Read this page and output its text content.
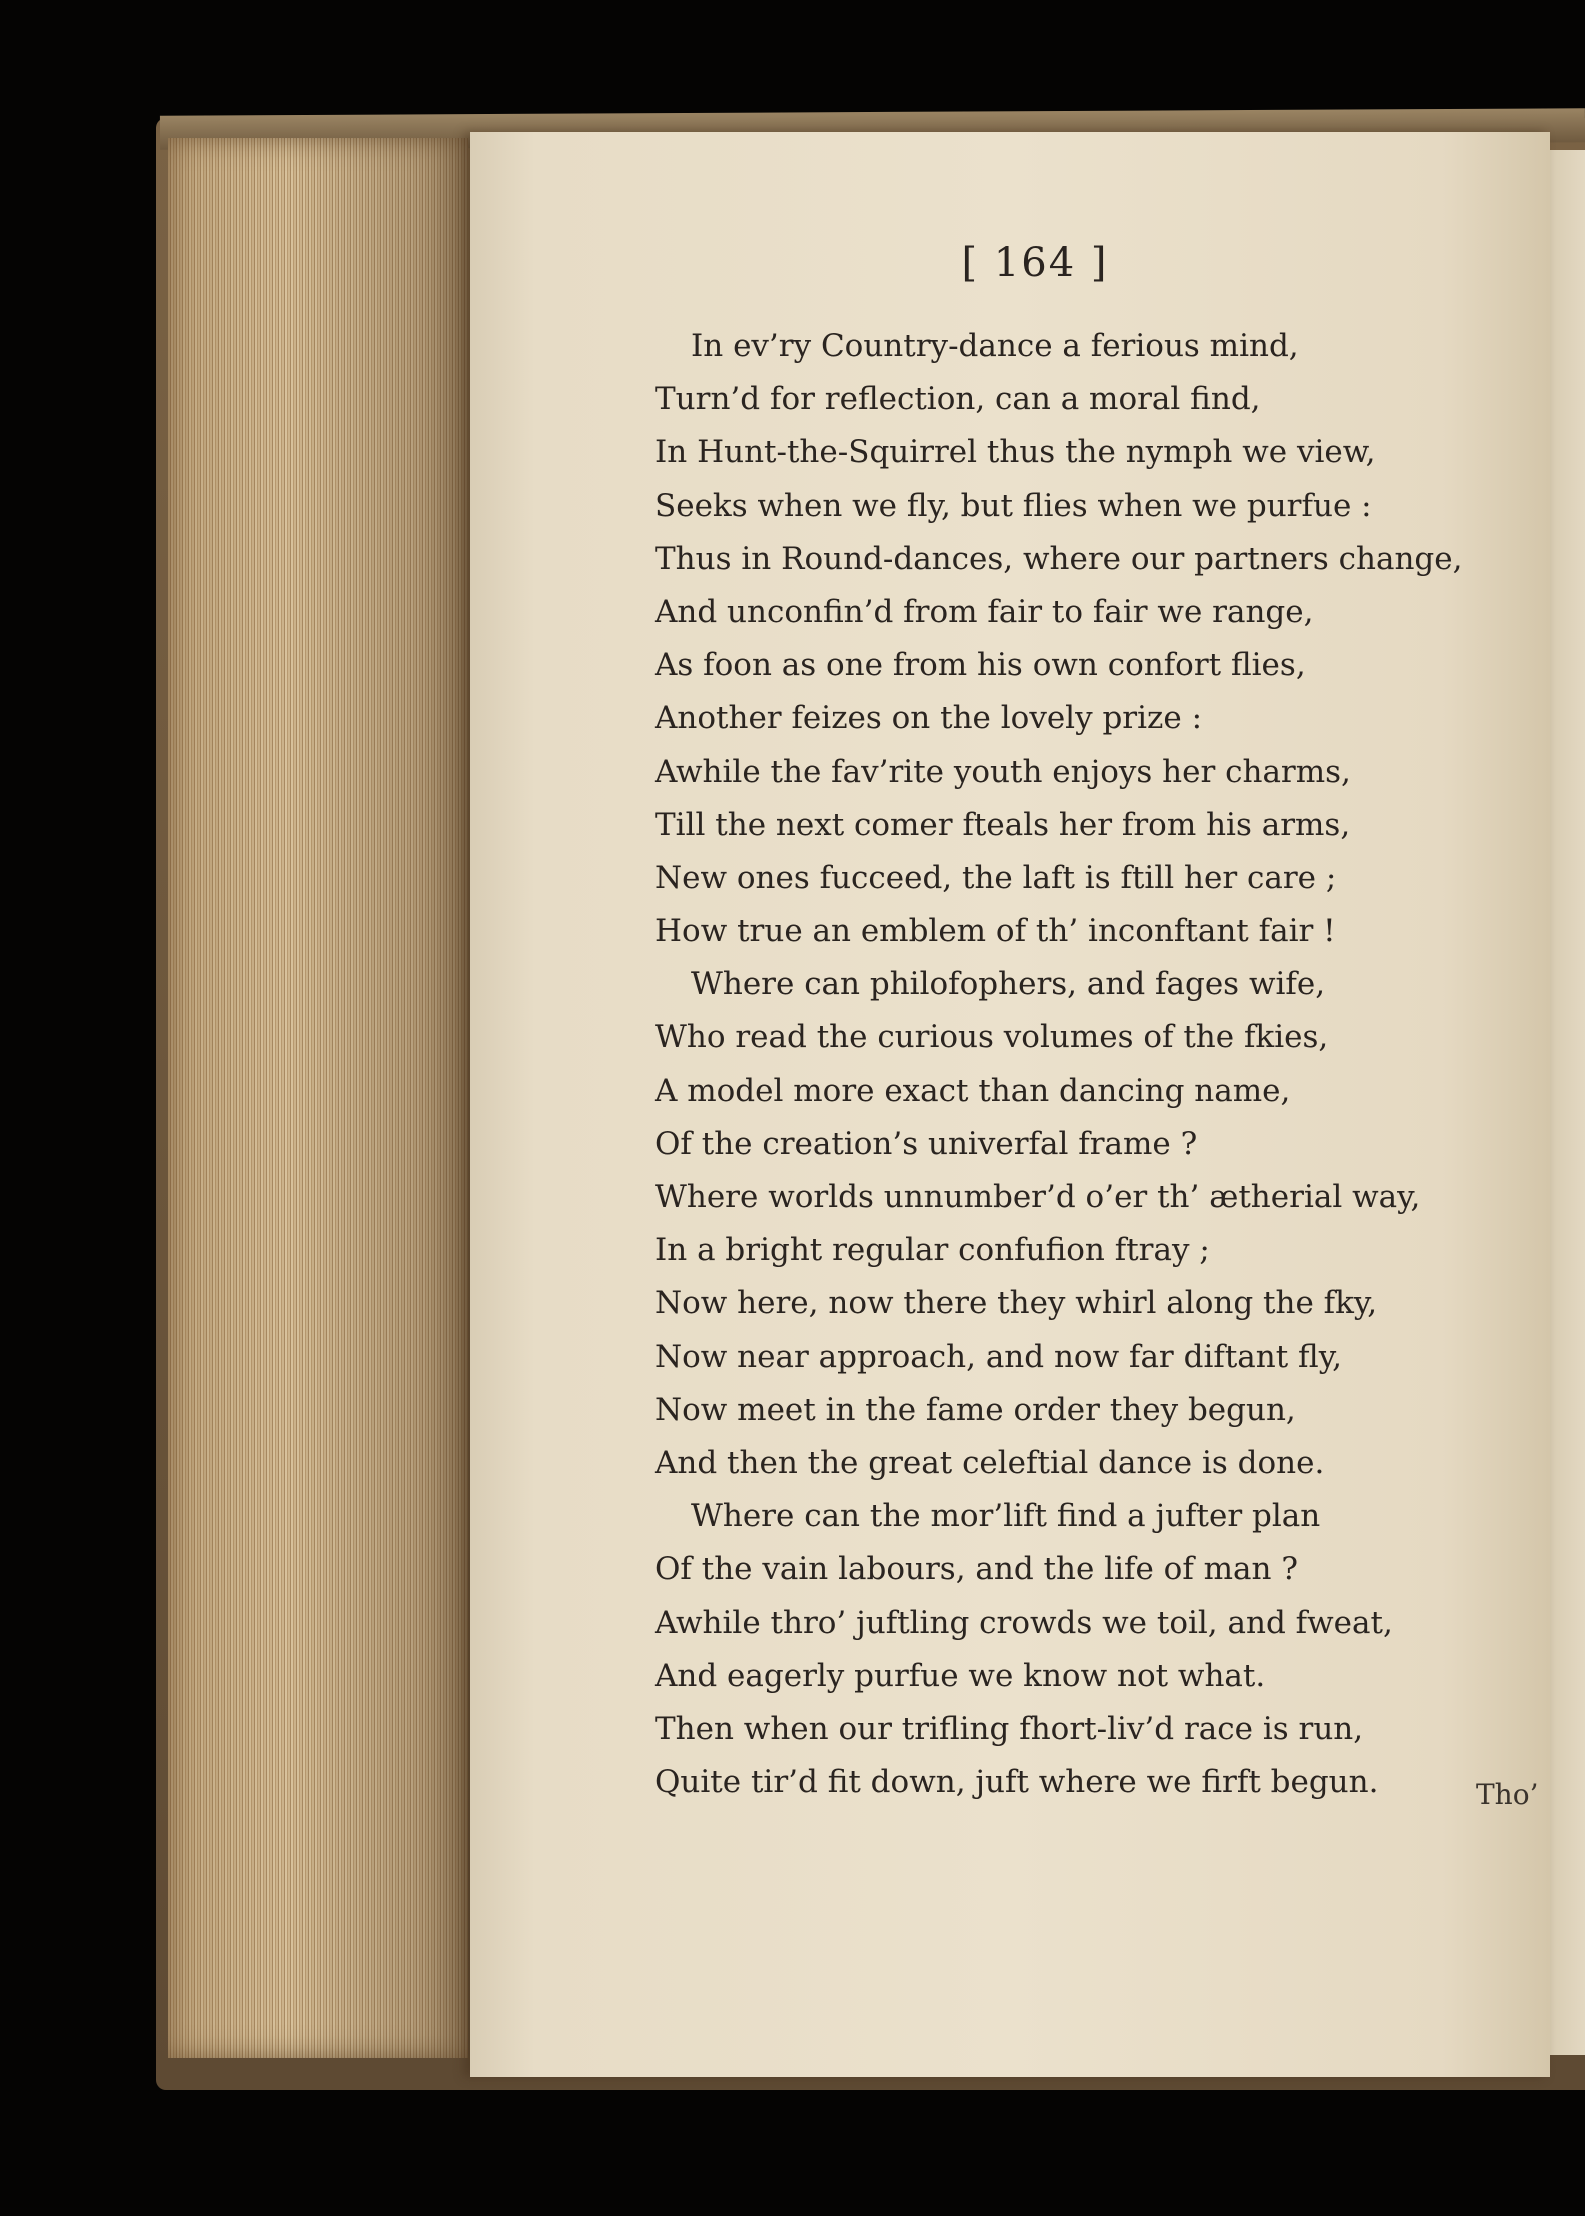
[ 164 ]
In ev’ry Country-dance a ferious mind,
Turn’d for reflection, can a moral find,
In Hunt-the-Squirrel thus the nymph we view,
Seeks when we fly, but flies when we purfue :
Thus in Round-dances, where our partners change,
And unconfin’d from fair to fair we range,
As foon as one from his own confort flies,
Another feizes on the lovely prize :
Awhile the fav’rite youth enjoys her charms,
Till the next comer fteals her from his arms,
New ones fucceed, the laft is ftill her care ;
How true an emblem of th’ inconftant fair !
Where can philofophers, and fages wife,
Who read the curious volumes of the fkies,
A model more exact than dancing name,
Of the creation’s univerfal frame ?
Where worlds unnumber’d o’er th’ ætherial way,
In a bright regular confufion ftray ;
Now here, now there they whirl along the fky,
Now near approach, and now far diftant fly,
Now meet in the fame order they begun,
And then the great celeftial dance is done.
Where can the mor’lift find a jufter plan
Of the vain labours, and the life of man ?
Awhile thro’ juftling crowds we toil, and fweat,
And eagerly purfue we know not what.
Then when our trifling fhort-liv’d race is run,
Quite tir’d fit down, juft where we firft begun.	Tho’
